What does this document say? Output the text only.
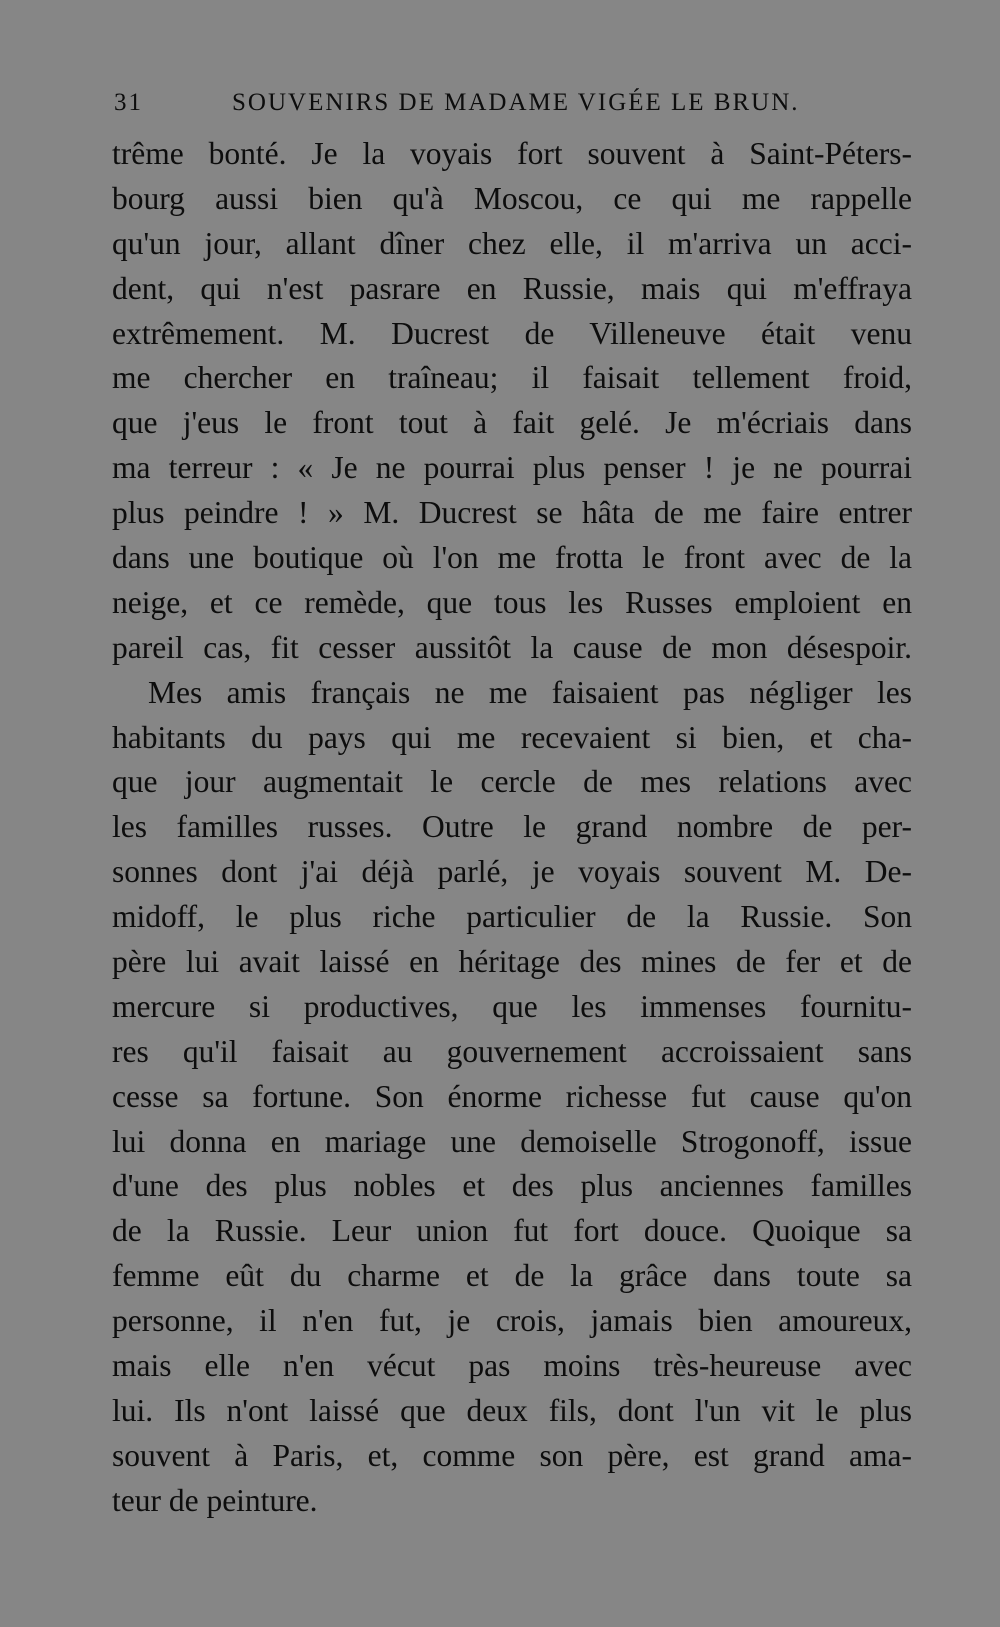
31	SOUVENIRS DE MADAME VIGÉE LE BRUN.
trême bonté. Je la voyais fort souvent à Saint-Péters-
bourg aussi bien qu'à Moscou, ce qui me rappelle
qu'un jour, allant dîner chez elle, il m'arriva un acci-
dent, qui n'est pasrare en Russie, mais qui m'effraya
extrêmement. M. Ducrest de Villeneuve était venu
me chercher en traîneau; il faisait tellement froid,
que j'eus le front tout à fait gelé. Je m'écriais dans
ma terreur : « Je ne pourrai plus penser ! je ne pourrai
plus peindre ! » M. Ducrest se hâta de me faire entrer
dans une boutique où l'on me frotta le front avec de la
neige, et ce remède, que tous les Russes emploient en
pareil cas, fit cesser aussitôt la cause de mon désespoir.
Mes amis français ne me faisaient pas négliger les
habitants du pays qui me recevaient si bien, et cha-
que jour augmentait le cercle de mes relations avec
les familles russes. Outre le grand nombre de per-
sonnes dont j'ai déjà parlé, je voyais souvent M. De-
midoff, le plus riche particulier de la Russie. Son
père lui avait laissé en héritage des mines de fer et de
mercure si productives, que les immenses fournitu-
res qu'il faisait au gouvernement accroissaient sans
cesse sa fortune. Son énorme richesse fut cause qu'on
lui donna en mariage une demoiselle Strogonoff, issue
d'une des plus nobles et des plus anciennes familles
de la Russie. Leur union fut fort douce. Quoique sa
femme eût du charme et de la grâce dans toute sa
personne, il n'en fut, je crois, jamais bien amoureux,
mais elle n'en vécut pas moins très-heureuse avec
lui. Ils n'ont laissé que deux fils, dont l'un vit le plus
souvent à Paris, et, comme son père, est grand ama-
teur de peinture.
